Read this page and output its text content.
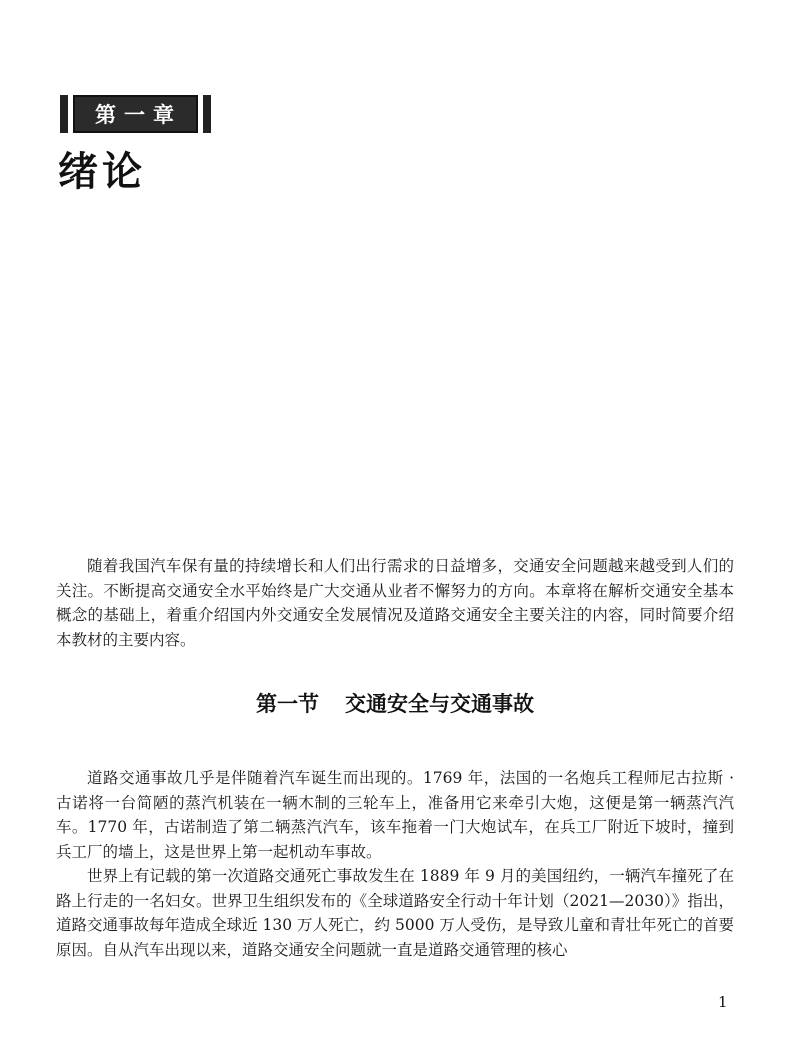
第一章
绪论

随着我国汽车保有量的持续增长和人们出行需求的日益增多，交通安全问题越来越受到人们的关注。不断提高交通安全水平始终是广大交通从业者不懈努力的方向。本章将在解析交通安全基本概念的基础上，着重介绍国内外交通安全发展情况及道路交通安全主要关注的内容，同时简要介绍本教材的主要内容。

第一节 交通安全与交通事故

道路交通事故几乎是伴随着汽车诞生而出现的。1769 年，法国的一名炮兵工程师尼古拉斯 · 古诺将一台简陋的蒸汽机装在一辆木制的三轮车上，准备用它来牵引大炮，这便是第一辆蒸汽汽车。1770 年，古诺制造了第二辆蒸汽汽车，该车拖着一门大炮试车，在兵工厂附近下坡时，撞到兵工厂的墙上，这是世界上第一起机动车事故。

世界上有记载的第一次道路交通死亡事故发生在 1889 年 9 月的美国纽约，一辆汽车撞死了在路上行走的一名妇女。世界卫生组织发布的《全球道路安全行动十年计划（2021—2030）》指出，道路交通事故每年造成全球近 130 万人死亡，约 5000 万人受伤，是导致儿童和青壮年死亡的首要原因。自从汽车出现以来，道路交通安全问题就一直是道路交通管理的核心

1
